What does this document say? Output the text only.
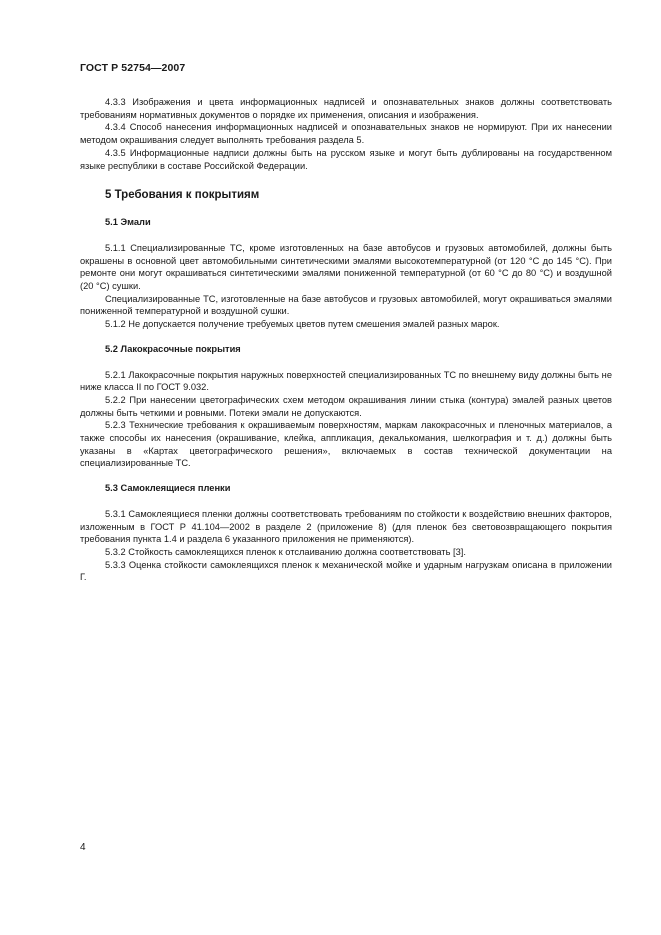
ГОСТ Р 52754—2007

4.3.3 Изображения и цвета информационных надписей и опознавательных знаков должны соответствовать требованиям нормативных документов о порядке их применения, описания и изображения.

4.3.4 Способ нанесения информационных надписей и опознавательных знаков не нормируют. При их нанесении методом окрашивания следует выполнять требования раздела 5.

4.3.5 Информационные надписи должны быть на русском языке и могут быть дублированы на государственном языке республики в составе Российской Федерации.

5 Требования к покрытиям
5.1 Эмали

5.1.1 Специализированные ТС, кроме изготовленных на базе автобусов и грузовых автомобилей, должны быть окрашены в основной цвет автомобильными синтетическими эмалями высокотемпературной (от 120 °С до 145 °С). При ремонте они могут окрашиваться синтетическими эмалями пониженной температурной (от 60 °С до 80 °С) и воздушной (20 °С) сушки.

Специализированные ТС, изготовленные на базе автобусов и грузовых автомобилей, могут окрашиваться эмалями пониженной температурной и воздушной сушки.

5.1.2 Не допускается получение требуемых цветов путем смешения эмалей разных марок.

5.2 Лакокрасочные покрытия

5.2.1 Лакокрасочные покрытия наружных поверхностей специализированных ТС по внешнему виду должны быть не ниже класса II по ГОСТ 9.032.

5.2.2 При нанесении цветографических схем методом окрашивания линии стыка (контура) эмалей разных цветов должны быть четкими и ровными. Потеки эмали не допускаются.

5.2.3 Технические требования к окрашиваемым поверхностям, маркам лакокрасочных и пленочных материалов, а также способы их нанесения (окрашивание, клейка, аппликация, декалькомания, шелкография и т. д.) должны быть указаны в «Картах цветографического решения», включаемых в состав технической документации на специализированные ТС.

5.3 Самоклеящиеся пленки

5.3.1 Самоклеящиеся пленки должны соответствовать требованиям по стойкости к воздействию внешних факторов, изложенным в ГОСТ Р 41.104—2002 в разделе 2 (приложение 8) (для пленок без световозвращающего покрытия требования пункта 1.4 и раздела 6 указанного приложения не применяются).

5.3.2 Стойкость самоклеящихся пленок к отслаиванию должна соответствовать [3].

5.3.3 Оценка стойкости самоклеящихся пленок к механической мойке и ударным нагрузкам описана в приложении Г.

4
